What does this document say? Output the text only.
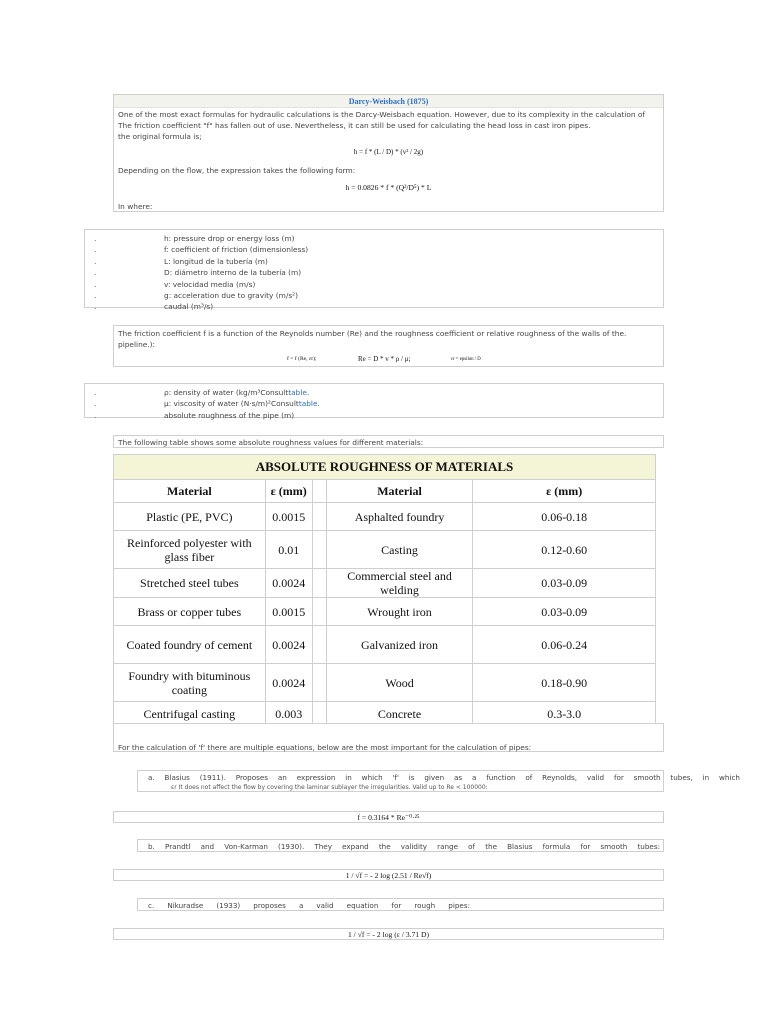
Darcy-Weisbach (1875)
One of the most exact formulas for hydraulic calculations is the Darcy-Weisbach equation. However, due to its complexity in the calculation of The friction coefficient "f" has fallen out of use. Nevertheless, it can still be used for calculating the head loss in cast iron pipes.
the original formula is;
h = f * (L / D) * (v² / 2g)
Depending on the flow, the expression takes the following form:
h = 0.0826 * f * (Q²/D⁵) * L
In where:
.	h: pressure drop or energy loss (m)
.	f: coefficient of friction (dimensionless)
.	L: longitud de la tubería (m)
.	D: diámetro interno de la tubería (m)
.	v: velocidad media (m/s)
.	g: acceleration due to gravity (m/s²)
.	caudal (m³/s)
The friction coefficient f is a function of the Reynolds number (Re) and the roughness coefficient or relative roughness of the walls of the. pipeline.):
f = f (Re, εr);	Re = D * v * ρ / μ;	εr = epsilon / D
.	ρ: density of water (kg/m³Consulttable.
.	μ: viscosity of water (N·s/m)²Consulttable.
.	absolute roughness of the pipe (m)
The following table shows some absolute roughness values for different materials:
ABSOLUTE ROUGHNESS OF MATERIALS				
Material	ε (mm)		Material	ε (mm)
Plastic (PE, PVC)	0.0015		Asphalted foundry	0.06-0.18
Reinforced polyester with glass fiber	0.01		Casting	0.12-0.60
Stretched steel tubes	0.0024		Commercial steel and welding	0.03-0.09
Brass or copper tubes	0.0015		Wrought iron	0.03-0.09
Coated foundry of cement	0.0024		Galvanized iron	0.06-0.24
Foundry with bituminous coating	0.0024		Wood	0.18-0.90
Centrifugal casting	0.003		Concrete	0.3-3.0
For the calculation of 'f' there are multiple equations, below are the most important for the calculation of pipes:
a. Blasius (1911). Proposes an expression in which 'f' is given as a function of Reynolds, valid for smooth tubes, in which
εr It does not affect the flow by covering the laminar sublayer the irregularities. Valid up to Re < 100000:
f = 0.3164 * Re⁻⁰·²⁵
b. Prandtl and Von-Karman (1930). They expand the validity range of the Blasius formula for smooth tubes:
1 / √f = - 2 log (2.51 / Re√f)
c. Nikuradse (1933) proposes a valid equation for rough pipes:
1 / √f = - 2 log (ε / 3.71 D)
